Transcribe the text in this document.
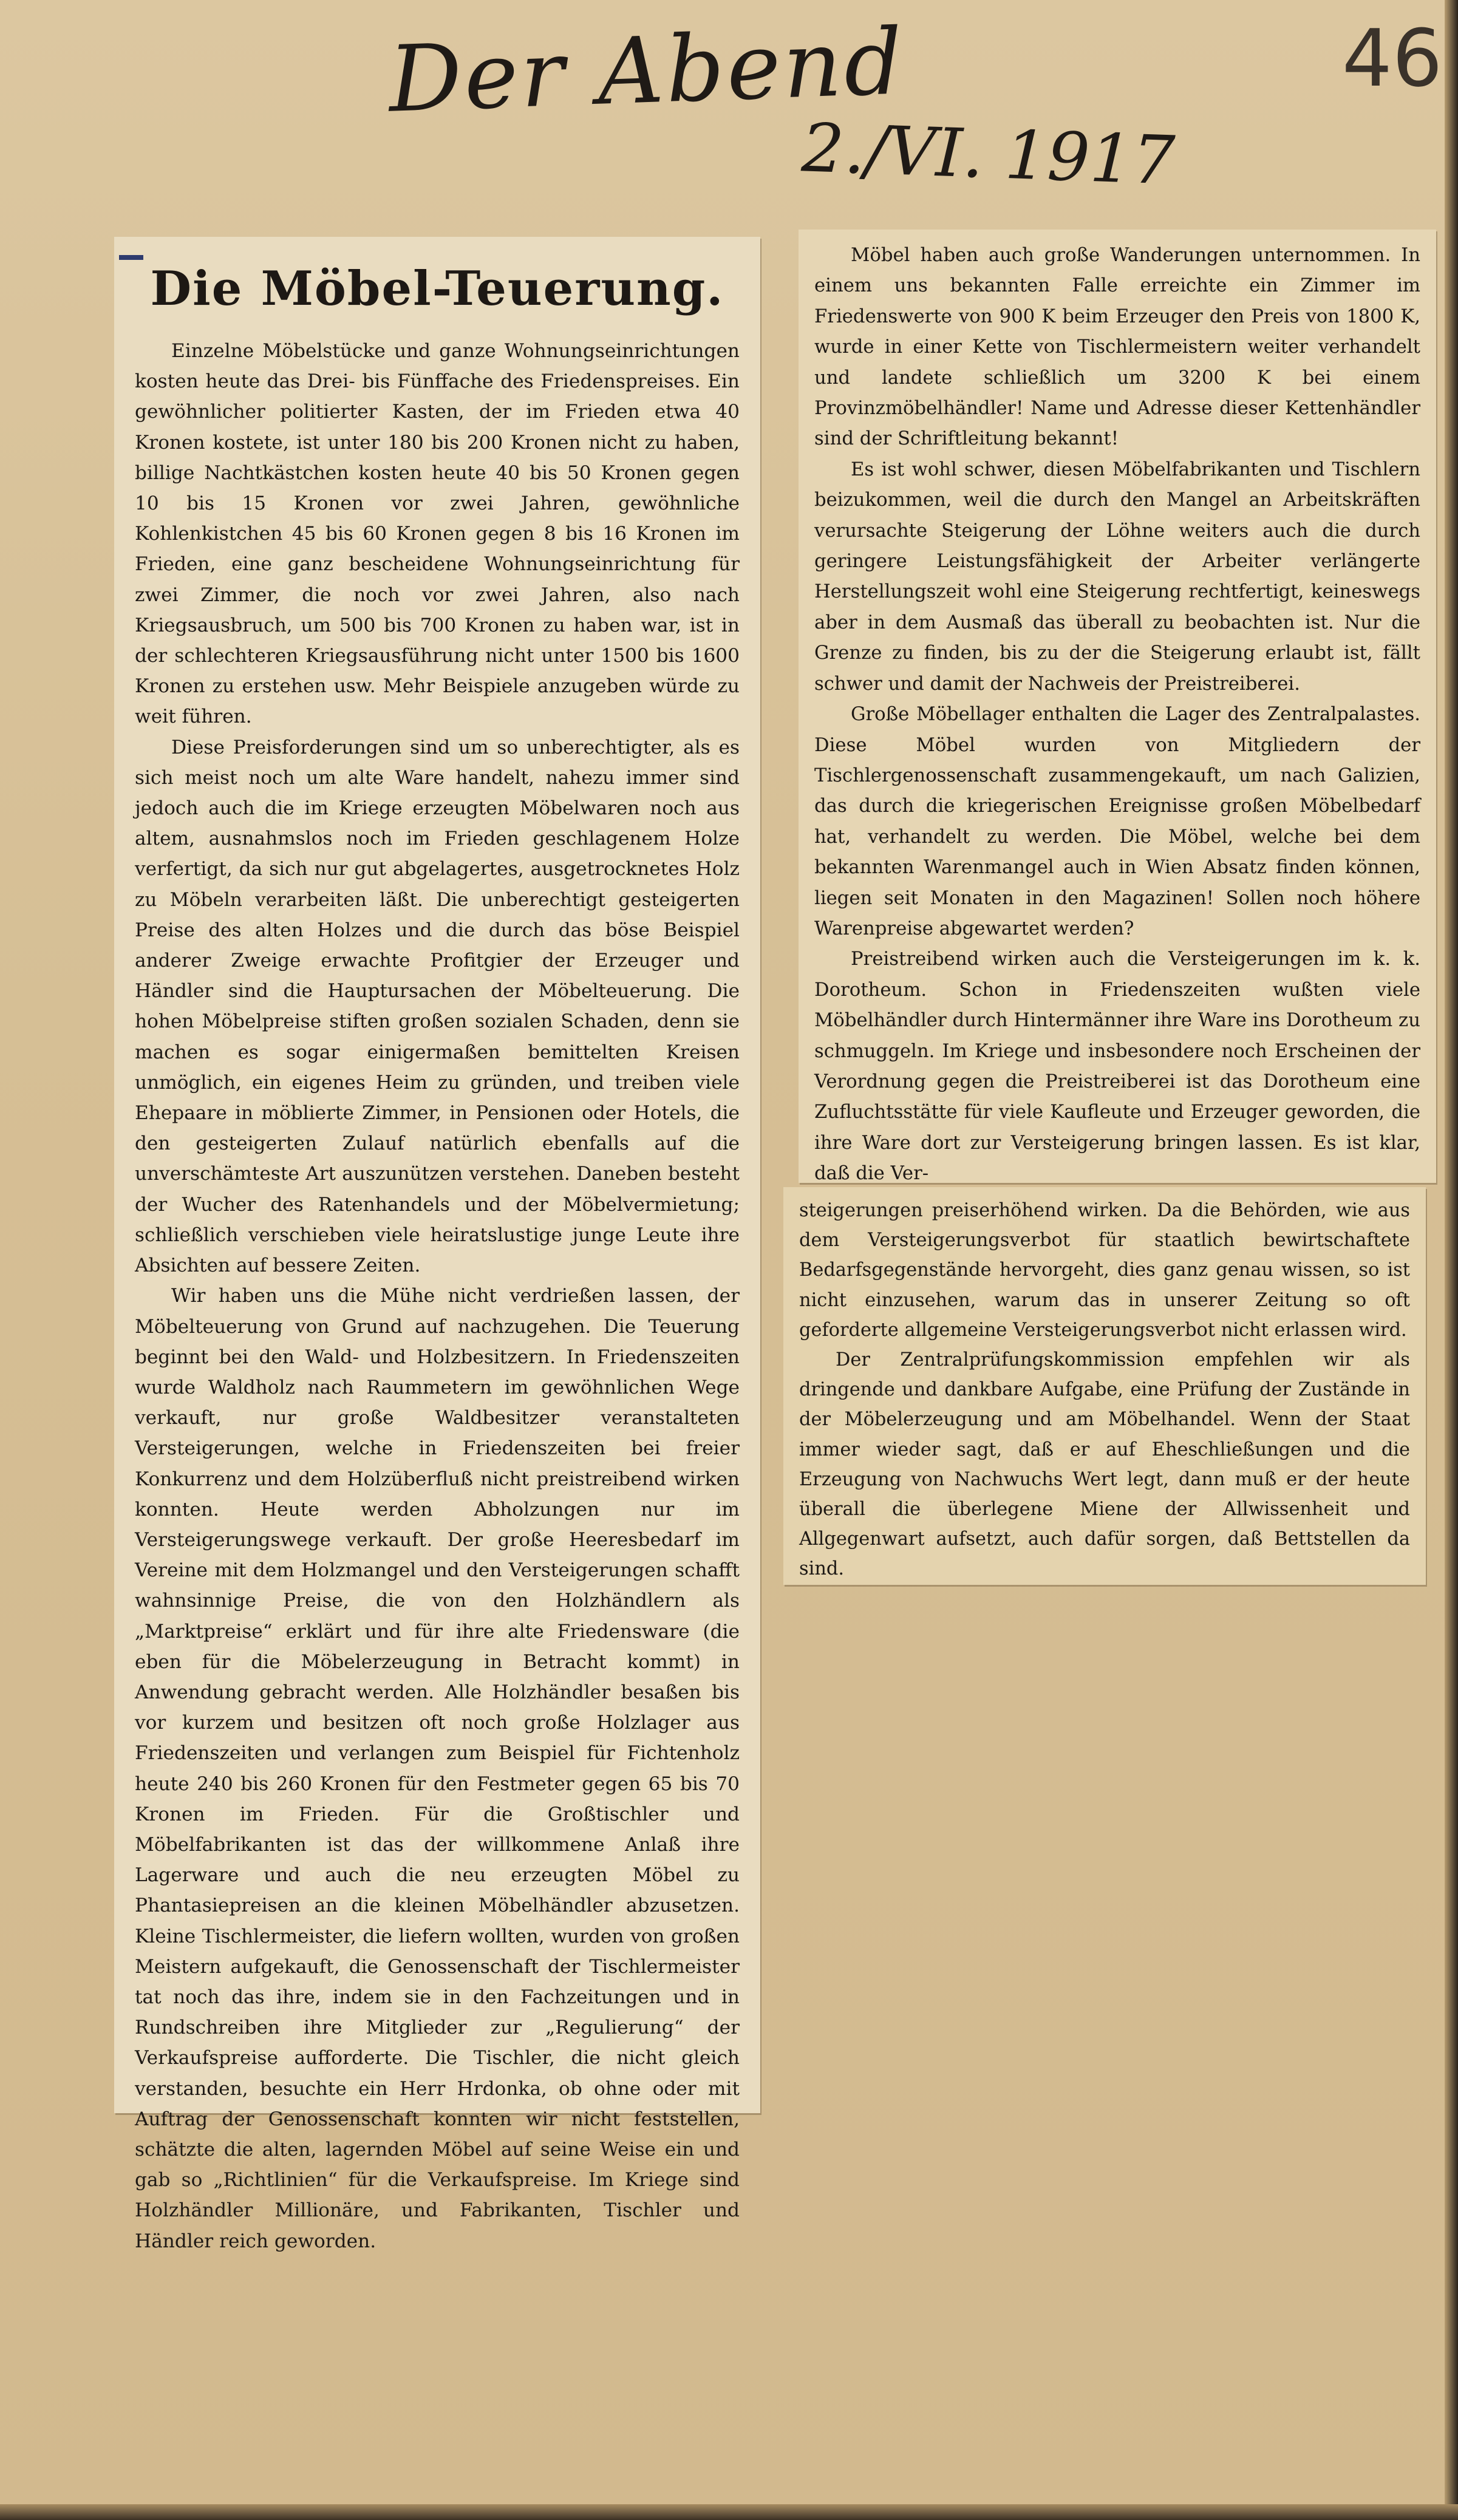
Der Abend
2./VI. 1917
46
Die Möbel-Teuerung.

Einzelne Möbelstücke und ganze Wohnungseinrichtungen kosten heute das Drei- bis Fünffache des Friedenspreises. Ein gewöhnlicher politierter Kasten, der im Frieden etwa 40 Kronen kostete, ist unter 180 bis 200 Kronen nicht zu haben, billige Nachtkästchen kosten heute 40 bis 50 Kronen gegen 10 bis 15 Kronen vor zwei Jahren, gewöhnliche Kohlenkistchen 45 bis 60 Kronen gegen 8 bis 16 Kronen im Frieden, eine ganz bescheidene Wohnungseinrichtung für zwei Zimmer, die noch vor zwei Jahren, also nach Kriegsausbruch, um 500 bis 700 Kronen zu haben war, ist in der schlechteren Kriegsausführung nicht unter 1500 bis 1600 Kronen zu erstehen usw. Mehr Beispiele anzugeben würde zu weit führen.

Diese Preisforderungen sind um so unberechtigter, als es sich meist noch um alte Ware handelt, nahezu immer sind jedoch auch die im Kriege erzeugten Möbelwaren noch aus altem, ausnahmslos noch im Frieden geschlagenem Holze verfertigt, da sich nur gut abgelagertes, ausgetrocknetes Holz zu Möbeln verarbeiten läßt. Die unberechtigt gesteigerten Preise des alten Holzes und die durch das böse Beispiel anderer Zweige erwachte Profitgier der Erzeuger und Händler sind die Hauptursachen der Möbelteuerung. Die hohen Möbelpreise stiften großen sozialen Schaden, denn sie machen es sogar einigermaßen bemittelten Kreisen unmöglich, ein eigenes Heim zu gründen, und treiben viele Ehepaare in möblierte Zimmer, in Pensionen oder Hotels, die den gesteigerten Zulauf natürlich ebenfalls auf die unverschämteste Art auszunützen verstehen. Daneben besteht der Wucher des Ratenhandels und der Möbelvermietung; schließlich verschieben viele heiratslustige junge Leute ihre Absichten auf bessere Zeiten.

Wir haben uns die Mühe nicht verdrießen lassen, der Möbelteuerung von Grund auf nachzugehen. Die Teuerung beginnt bei den Wald- und Holzbesitzern. In Friedenszeiten wurde Waldholz nach Raummetern im gewöhnlichen Wege verkauft, nur große Waldbesitzer veranstalteten Versteigerungen, welche in Friedenszeiten bei freier Konkurrenz und dem Holzüberfluß nicht preistreibend wirken konnten. Heute werden Abholzungen nur im Versteigerungswege verkauft. Der große Heeresbedarf im Vereine mit dem Holzmangel und den Versteigerungen schafft wahnsinnige Preise, die von den Holzhändlern als „Marktpreise“ erklärt und für ihre alte Friedensware (die eben für die Möbelerzeugung in Betracht kommt) in Anwendung gebracht werden. Alle Holzhändler besaßen bis vor kurzem und besitzen oft noch große Holzlager aus Friedenszeiten und verlangen zum Beispiel für Fichtenholz heute 240 bis 260 Kronen für den Festmeter gegen 65 bis 70 Kronen im Frieden. Für die Großtischler und Möbelfabrikanten ist das der willkommene Anlaß ihre Lagerware und auch die neu erzeugten Möbel zu Phantasiepreisen an die kleinen Möbelhändler abzusetzen. Kleine Tischlermeister, die liefern wollten, wurden von großen Meistern aufgekauft, die Genossenschaft der Tischlermeister tat noch das ihre, indem sie in den Fachzeitungen und in Rundschreiben ihre Mitglieder zur „Regulierung“ der Verkaufspreise aufforderte. Die Tischler, die nicht gleich verstanden, besuchte ein Herr Hrdonka, ob ohne oder mit Auftrag der Genossenschaft konnten wir nicht feststellen, schätzte die alten, lagernden Möbel auf seine Weise ein und gab so „Richtlinien“ für die Verkaufspreise. Im Kriege sind Holzhändler Millionäre, und Fabrikanten, Tischler und Händler reich geworden.

Möbel haben auch große Wanderungen unternommen. In einem uns bekannten Falle erreichte ein Zimmer im Friedenswerte von 900 K beim Erzeuger den Preis von 1800 K, wurde in einer Kette von Tischlermeistern weiter verhandelt und landete schließlich um 3200 K bei einem Provinzmöbelhändler! Name und Adresse dieser Kettenhändler sind der Schriftleitung bekannt!

Es ist wohl schwer, diesen Möbelfabrikanten und Tischlern beizukommen, weil die durch den Mangel an Arbeitskräften verursachte Steigerung der Löhne weiters auch die durch geringere Leistungsfähigkeit der Arbeiter verlängerte Herstellungszeit wohl eine Steigerung rechtfertigt, keineswegs aber in dem Ausmaß das überall zu beobachten ist. Nur die Grenze zu finden, bis zu der die Steigerung erlaubt ist, fällt schwer und damit der Nachweis der Preistreiberei.

Große Möbellager enthalten die Lager des Zentralpalastes. Diese Möbel wurden von Mitgliedern der Tischlergenossenschaft zusammengekauft, um nach Galizien, das durch die kriegerischen Ereignisse großen Möbelbedarf hat, verhandelt zu werden. Die Möbel, welche bei dem bekannten Warenmangel auch in Wien Absatz finden können, liegen seit Monaten in den Magazinen! Sollen noch höhere Warenpreise abgewartet werden?

Preistreibend wirken auch die Versteigerungen im k. k. Dorotheum. Schon in Friedenszeiten wußten viele Möbelhändler durch Hintermänner ihre Ware ins Dorotheum zu schmuggeln. Im Kriege und insbesondere noch Erscheinen der Verordnung gegen die Preistreiberei ist das Dorotheum eine Zufluchtsstätte für viele Kaufleute und Erzeuger geworden, die ihre Ware dort zur Versteigerung bringen lassen. Es ist klar, daß die Ver-

steigerungen preiserhöhend wirken. Da die Behörden, wie aus dem Versteigerungsverbot für staatlich bewirtschaftete Bedarfsgegenstände hervorgeht, dies ganz genau wissen, so ist nicht einzusehen, warum das in unserer Zeitung so oft geforderte allgemeine Versteigerungsverbot nicht erlassen wird.

Der Zentralprüfungskommission empfehlen wir als dringende und dankbare Aufgabe, eine Prüfung der Zustände in der Möbelerzeugung und am Möbelhandel. Wenn der Staat immer wieder sagt, daß er auf Eheschließungen und die Erzeugung von Nachwuchs Wert legt, dann muß er der heute überall die überlegene Miene der Allwissenheit und Allgegenwart aufsetzt, auch dafür sorgen, daß Bettstellen da sind.
